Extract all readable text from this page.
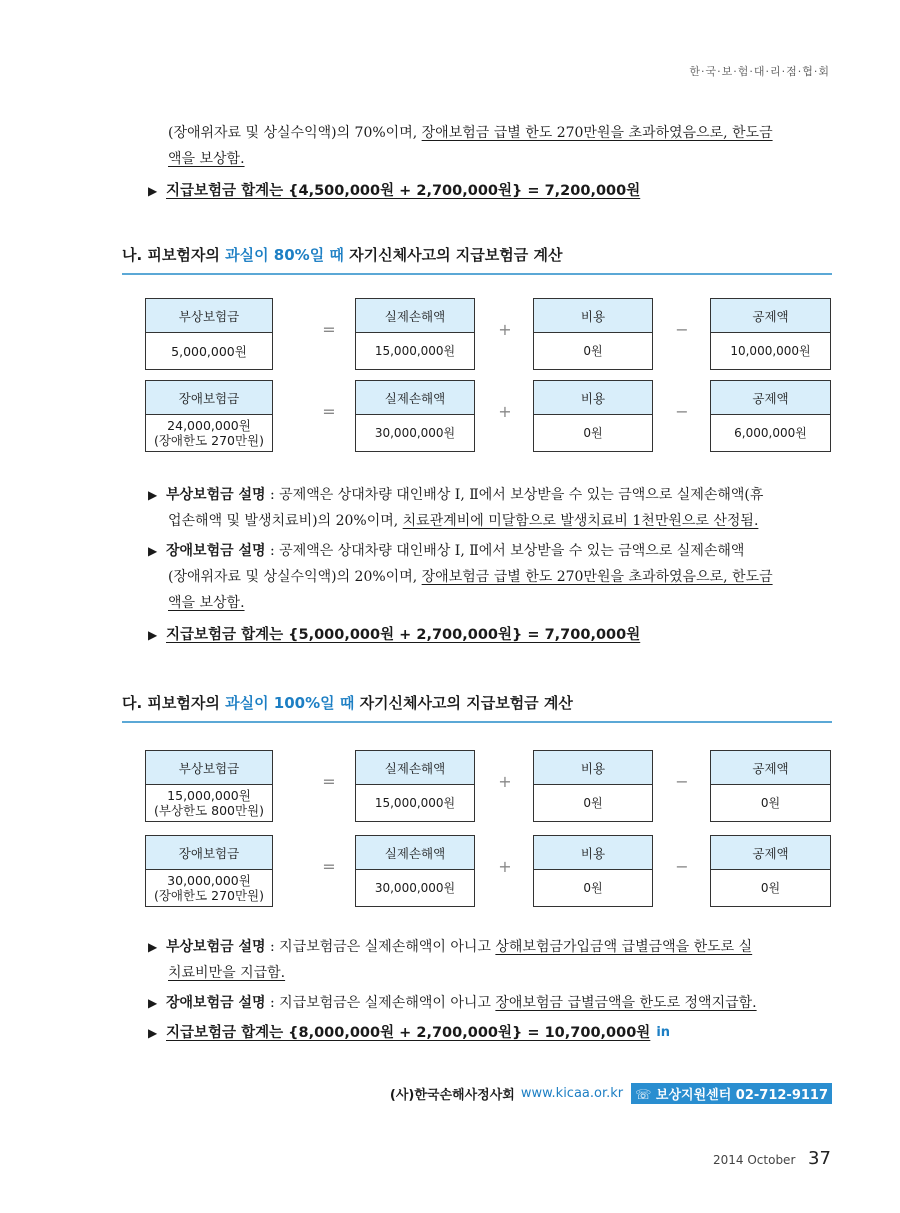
한·국·보·험·대·리·점·협·회
(장애위자료 및 상실수익액)의 70%이며, 장애보험금 급별 한도 270만원을 초과하였음으로, 한도금
액을 보상함.
▶ 지급보험금 합계는 {4,500,000원 + 2,700,000원} = 7,200,000원
나. 피보험자의 과실이 80%일 때 자기신체사고의 지급보험금 계산
부상보험금
5,000,000원
=
실제손해액
15,000,000원
+
비용
0원
−
공제액
10,000,000원
장애보험금
24,000,000원
(장애한도 270만원)
=
실제손해액
30,000,000원
+
비용
0원
−
공제액
6,000,000원
▶ 부상보험금 설명 : 공제액은 상대차량 대인배상 Ⅰ, Ⅱ에서 보상받을 수 있는 금액으로 실제손해액(휴
업손해액 및 발생치료비)의 20%이며, 치료관계비에 미달함으로 발생치료비 1천만원으로 산정됨.
▶ 장애보험금 설명 : 공제액은 상대차량 대인배상 Ⅰ, Ⅱ에서 보상받을 수 있는 금액으로 실제손해액
(장애위자료 및 상실수익액)의 20%이며, 장애보험금 급별 한도 270만원을 초과하였음으로, 한도금
액을 보상함.
▶ 지급보험금 합계는 {5,000,000원 + 2,700,000원} = 7,700,000원
다. 피보험자의 과실이 100%일 때 자기신체사고의 지급보험금 계산
부상보험금
15,000,000원
(부상한도 800만원)
=
실제손해액
15,000,000원
+
비용
0원
−
공제액
0원
장애보험금
30,000,000원
(장애한도 270만원)
=
실제손해액
30,000,000원
+
비용
0원
−
공제액
0원
▶ 부상보험금 설명 : 지급보험금은 실제손해액이 아니고 상해보험금가입금액 급별금액을 한도로 실
치료비만을 지급함.
▶ 장애보험금 설명 : 지급보험금은 실제손해액이 아니고 장애보험금 급별금액을 한도로 정액지급함.
▶ 지급보험금 합계는 {8,000,000원 + 2,700,000원} = 10,700,000원 in
(사)한국손해사정사회 www.kicaa.or.kr ☏ 보상지원센터 02-712-9117
2014 October 37
